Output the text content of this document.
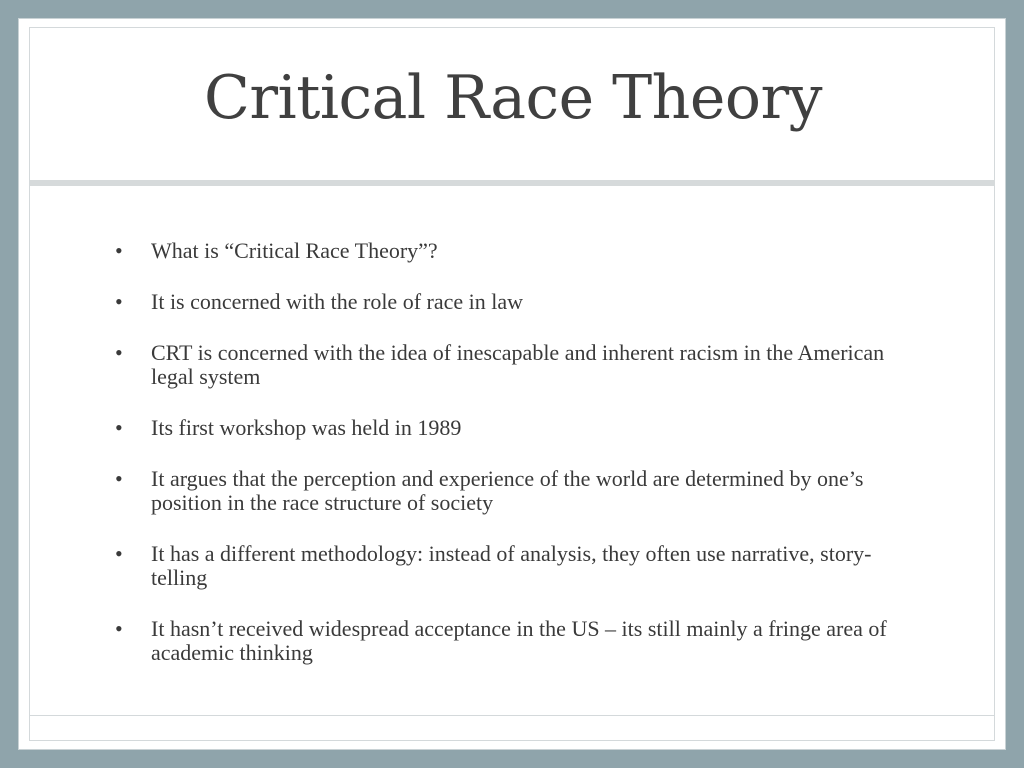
Critical Race Theory
• What is “Critical Race Theory”?
• It is concerned with the role of race in law
• CRT is concerned with the idea of inescapable and inherent racism in the American legal system
• Its first workshop was held in 1989
• It argues that the perception and experience of the world are determined by one’s position in the race structure of society
• It has a different methodology: instead of analysis, they often use narrative, story-telling
• It hasn’t received widespread acceptance in the US – its still mainly a fringe area of academic thinking
